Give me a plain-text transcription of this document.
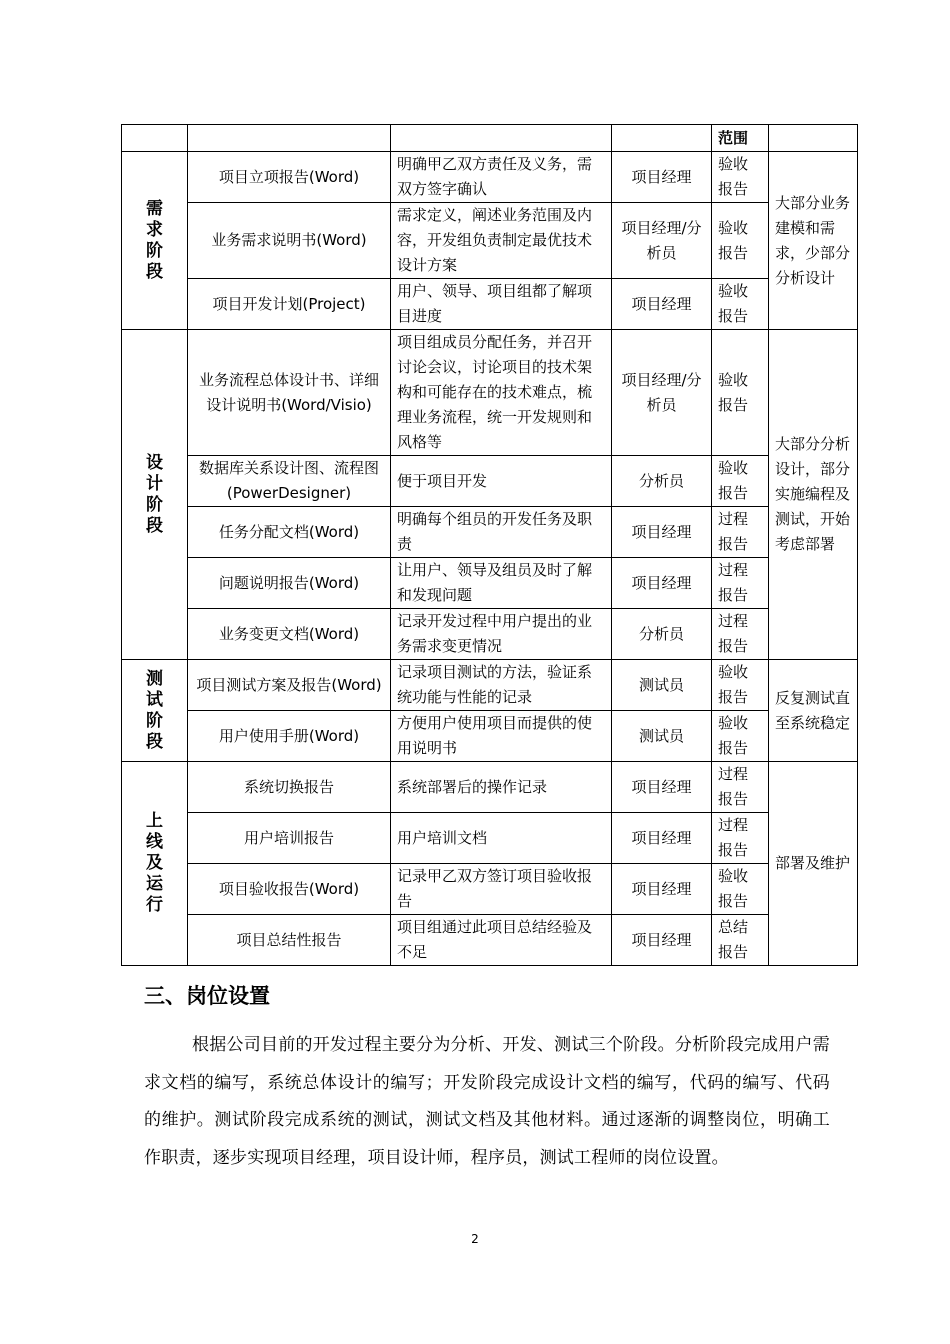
				范围	
需求阶段	项目立项报告(Word)	明确甲乙双方责任及义务，需双方签字确认	项目经理	验收报告	大部分业务建模和需求，少部分分析设计
	业务需求说明书(Word)	需求定义，阐述业务范围及内容，开发组负责制定最优技术设计方案	项目经理/分析员	验收报告	
	项目开发计划(Project)	用户、领导、项目组都了解项目进度	项目经理	验收报告	
设计阶段	业务流程总体设计书、详细设计说明书(Word/Visio)	项目组成员分配任务，并召开讨论会议，讨论项目的技术架构和可能存在的技术难点，梳理业务流程，统一开发规则和风格等	项目经理/分析员	验收报告	大部分分析设计，部分实施编程及测试，开始考虑部署
	数据库关系设计图、流程图(PowerDesigner)	便于项目开发	分析员	验收报告	
	任务分配文档(Word)	明确每个组员的开发任务及职责	项目经理	过程报告	
	问题说明报告(Word)	让用户、领导及组员及时了解和发现问题	项目经理	过程报告	
	业务变更文档(Word)	记录开发过程中用户提出的业务需求变更情况	分析员	过程报告	
测试阶段	项目测试方案及报告(Word)	记录项目测试的方法，验证系统功能与性能的记录	测试员	验收报告	反复测试直至系统稳定
	用户使用手册(Word)	方便用户使用项目而提供的使用说明书	测试员	验收报告	
上线及运行	系统切换报告	系统部署后的操作记录	项目经理	过程报告	部署及维护
	用户培训报告	用户培训文档	项目经理	过程报告	
	项目验收报告(Word)	记录甲乙双方签订项目验收报告	项目经理	验收报告	
	项目总结性报告	项目组通过此项目总结经验及不足	项目经理	总结报告	
三、岗位设置

根据公司目前的开发过程主要分为分析、开发、测试三个阶段。分析阶段完成用户需求文档的编写，系统总体设计的编写；开发阶段完成设计文档的编写，代码的编写、代码的维护。测试阶段完成系统的测试，测试文档及其他材料。通过逐渐的调整岗位，明确工作职责，逐步实现项目经理，项目设计师，程序员，测试工程师的岗位设置。

2
